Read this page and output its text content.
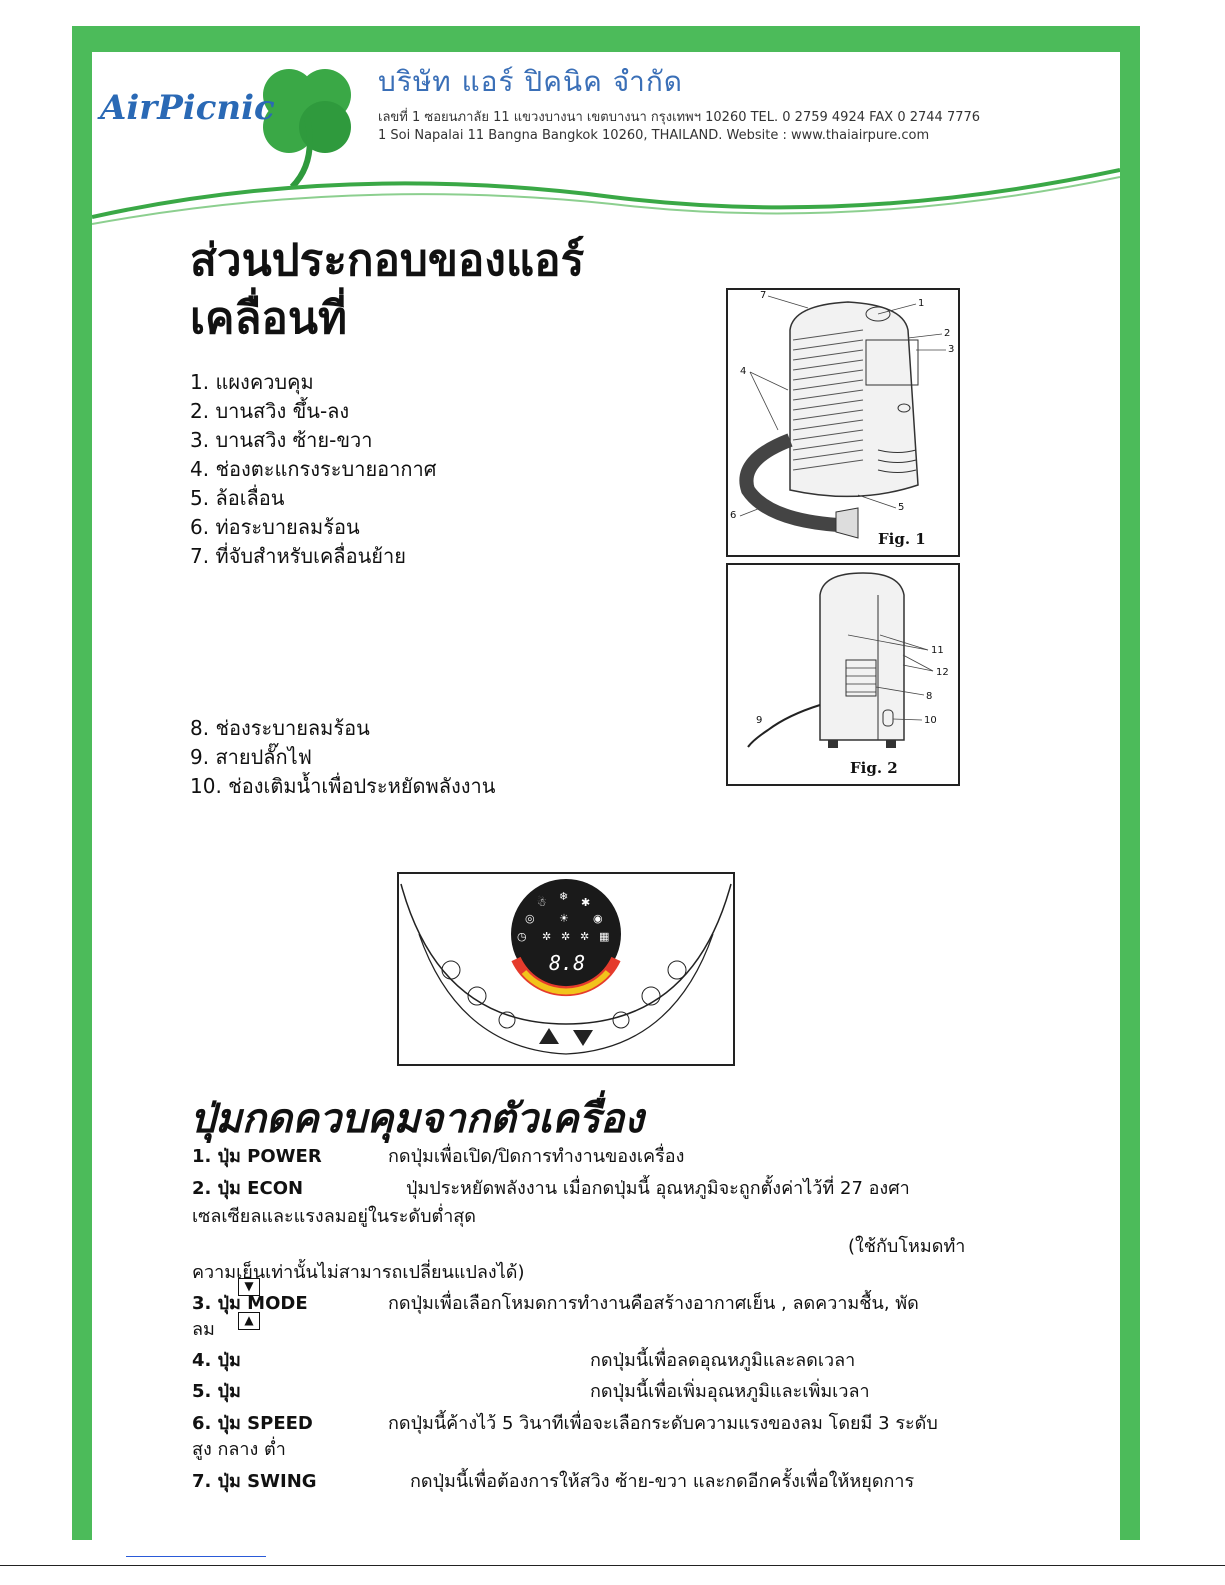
AirPicnic
บริษัท แอร์ ปิคนิค จำกัด
เลขที่ 1 ซอยนภาลัย 11 แขวงบางนา เขตบางนา กรุงเทพฯ 10260 TEL. 0 2759 4924 FAX 0 2744 7776
1 Soi Napalai 11 Bangna Bangkok 10260, THAILAND. Website : www.thaiairpure.com
ส่วนประกอบของแอร์
เคลื่อนที่
1. แผงควบคุม
2. บานสวิง ขึ้น-ลง
3. บานสวิง ซ้าย-ขวา
4. ช่องตะแกรงระบายอากาศ
5. ล้อเลื่อน
6. ท่อระบายลมร้อน
7. ที่จับสำหรับเคลื่อนย้าย
8. ช่องระบายลมร้อน
9. สายปลั๊กไฟ
10. ช่องเติมน้ำเพื่อประหยัดพลังงาน
1
2
3
4
5
6
7
Fig. 1
11
12
8
9	10
Fig. 2
☃ ❄ ✱
◎ ☀ ◉
◷ ✲ ✲ ✲ ▦
8.8
ปุ่มกดควบคุมจากตัวเครื่อง
1. ปุ่ม POWER	กดปุ่มเพื่อเปิด/ปิดการทำงานของเครื่อง
2. ปุ่ม ECON	ปุ่มประหยัดพลังงาน เมื่อกดปุ่มนี้ อุณหภูมิจะถูกตั้งค่าไว้ที่ 27 องศา
เซลเซียลและแรงลมอยู่ในระดับต่ำสุด
(ใช้กับโหมดทำ
ความเย็นเท่านั้นไม่สามารถเปลี่ยนแปลงได้)
▼
3. ปุ่ม MODE	กดปุ่มเพื่อเลือกโหมดการทำงานคือสร้างอากาศเย็น , ลดความชื้น, พัด
ลม	▲
4. ปุ่ม	กดปุ่มนี้เพื่อลดอุณหภูมิและลดเวลา
5. ปุ่ม	กดปุ่มนี้เพื่อเพิ่มอุณหภูมิและเพิ่มเวลา
6. ปุ่ม SPEED	กดปุ่มนี้ค้างไว้ 5 วินาทีเพื่อจะเลือกระดับความแรงของลม โดยมี 3 ระดับ
สูง กลาง ต่ำ
7. ปุ่ม SWING	กดปุ่มนี้เพื่อต้องการให้สวิง ซ้าย-ขวา และกดอีกครั้งเพื่อให้หยุดการ
